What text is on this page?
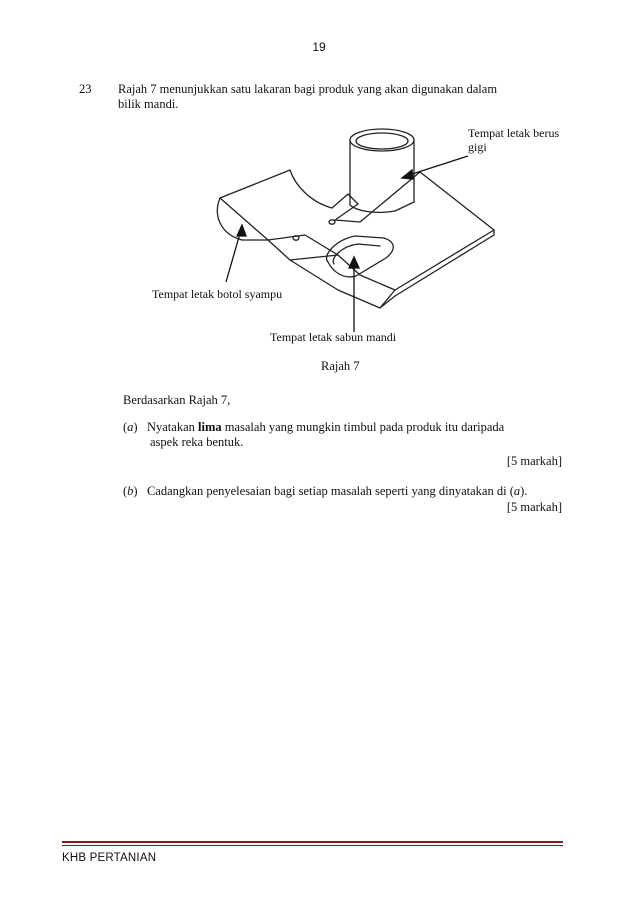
19
23 Rajah 7 menunjukkan satu lakaran bagi produk yang akan digunakan dalam
bilik mandi.
Tempat letak berus
gigi
Tempat letak botol syampu
Tempat letak sabun mandi
Rajah 7
Berdasarkan Rajah 7,
(a)   Nyatakan lima masalah yang mungkin timbul pada produk itu daripada
aspek reka bentuk.
[5 markah]
(b)   Cadangkan penyelesaian bagi setiap masalah seperti yang dinyatakan di (a).
[5 markah]
KHB PERTANIAN
